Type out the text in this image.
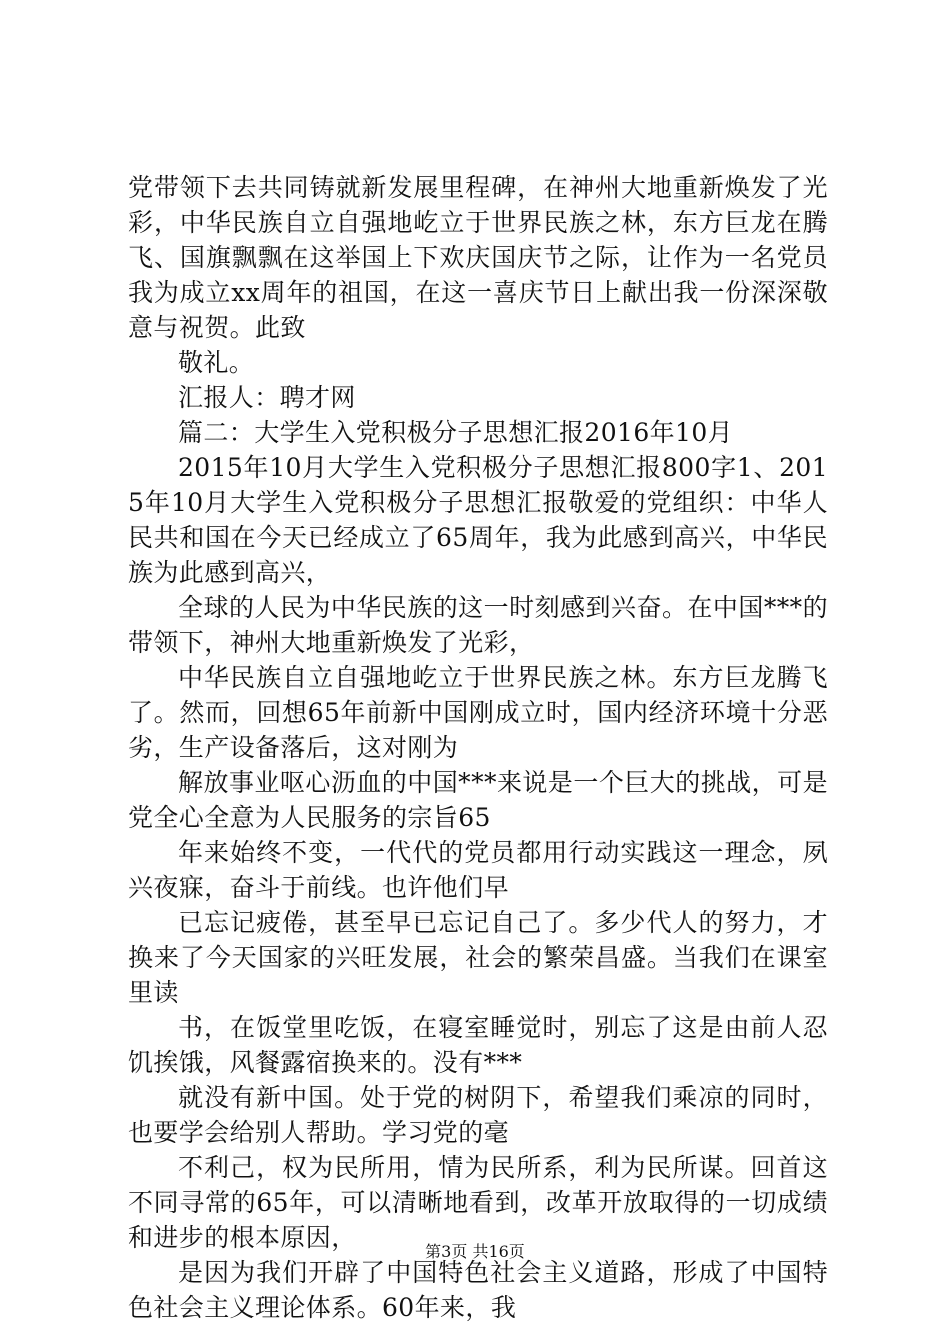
党带领下去共同铸就新发展里程碑，在神州大地重新焕发了光彩，中华民族自立自强地屹立于世界民族之林，东方巨龙在腾飞、国旗飘飘在这举国上下欢庆国庆节之际，让作为一名党员我为成立xx周年的祖国，在这一喜庆节日上献出我一份深深敬意与祝贺。此致

敬礼。

汇报人：聘才网

篇二：大学生入党积极分子思想汇报2016年10月

2015年10月大学生入党积极分子思想汇报800字1、2015年10月大学生入党积极分子思想汇报敬爱的党组织：中华人民共和国在今天已经成立了65周年，我为此感到高兴，中华民族为此感到高兴，

全球的人民为中华民族的这一时刻感到兴奋。在中国***的带领下，神州大地重新焕发了光彩，

中华民族自立自强地屹立于世界民族之林。东方巨龙腾飞了。然而，回想65年前新中国刚成立时，国内经济环境十分恶劣，生产设备落后，这对刚为

解放事业呕心沥血的中国***来说是一个巨大的挑战，可是党全心全意为人民服务的宗旨65

年来始终不变，一代代的党员都用行动实践这一理念，夙兴夜寐，奋斗于前线。也许他们早

已忘记疲倦，甚至早已忘记自己了。多少代人的努力，才换来了今天国家的兴旺发展，社会的繁荣昌盛。当我们在课室里读

书，在饭堂里吃饭，在寝室睡觉时，别忘了这是由前人忍饥挨饿，风餐露宿换来的。没有***

就没有新中国。处于党的树阴下，希望我们乘凉的同时，也要学会给别人帮助。学习党的毫

不利己，权为民所用，情为民所系，利为民所谋。回首这不同寻常的65年，可以清晰地看到，改革开放取得的一切成绩和进步的根本原因，

是因为我们开辟了中国特色社会主义道路，形成了中国特色社会主义理论体系。60年来，我

第3页 共16页
